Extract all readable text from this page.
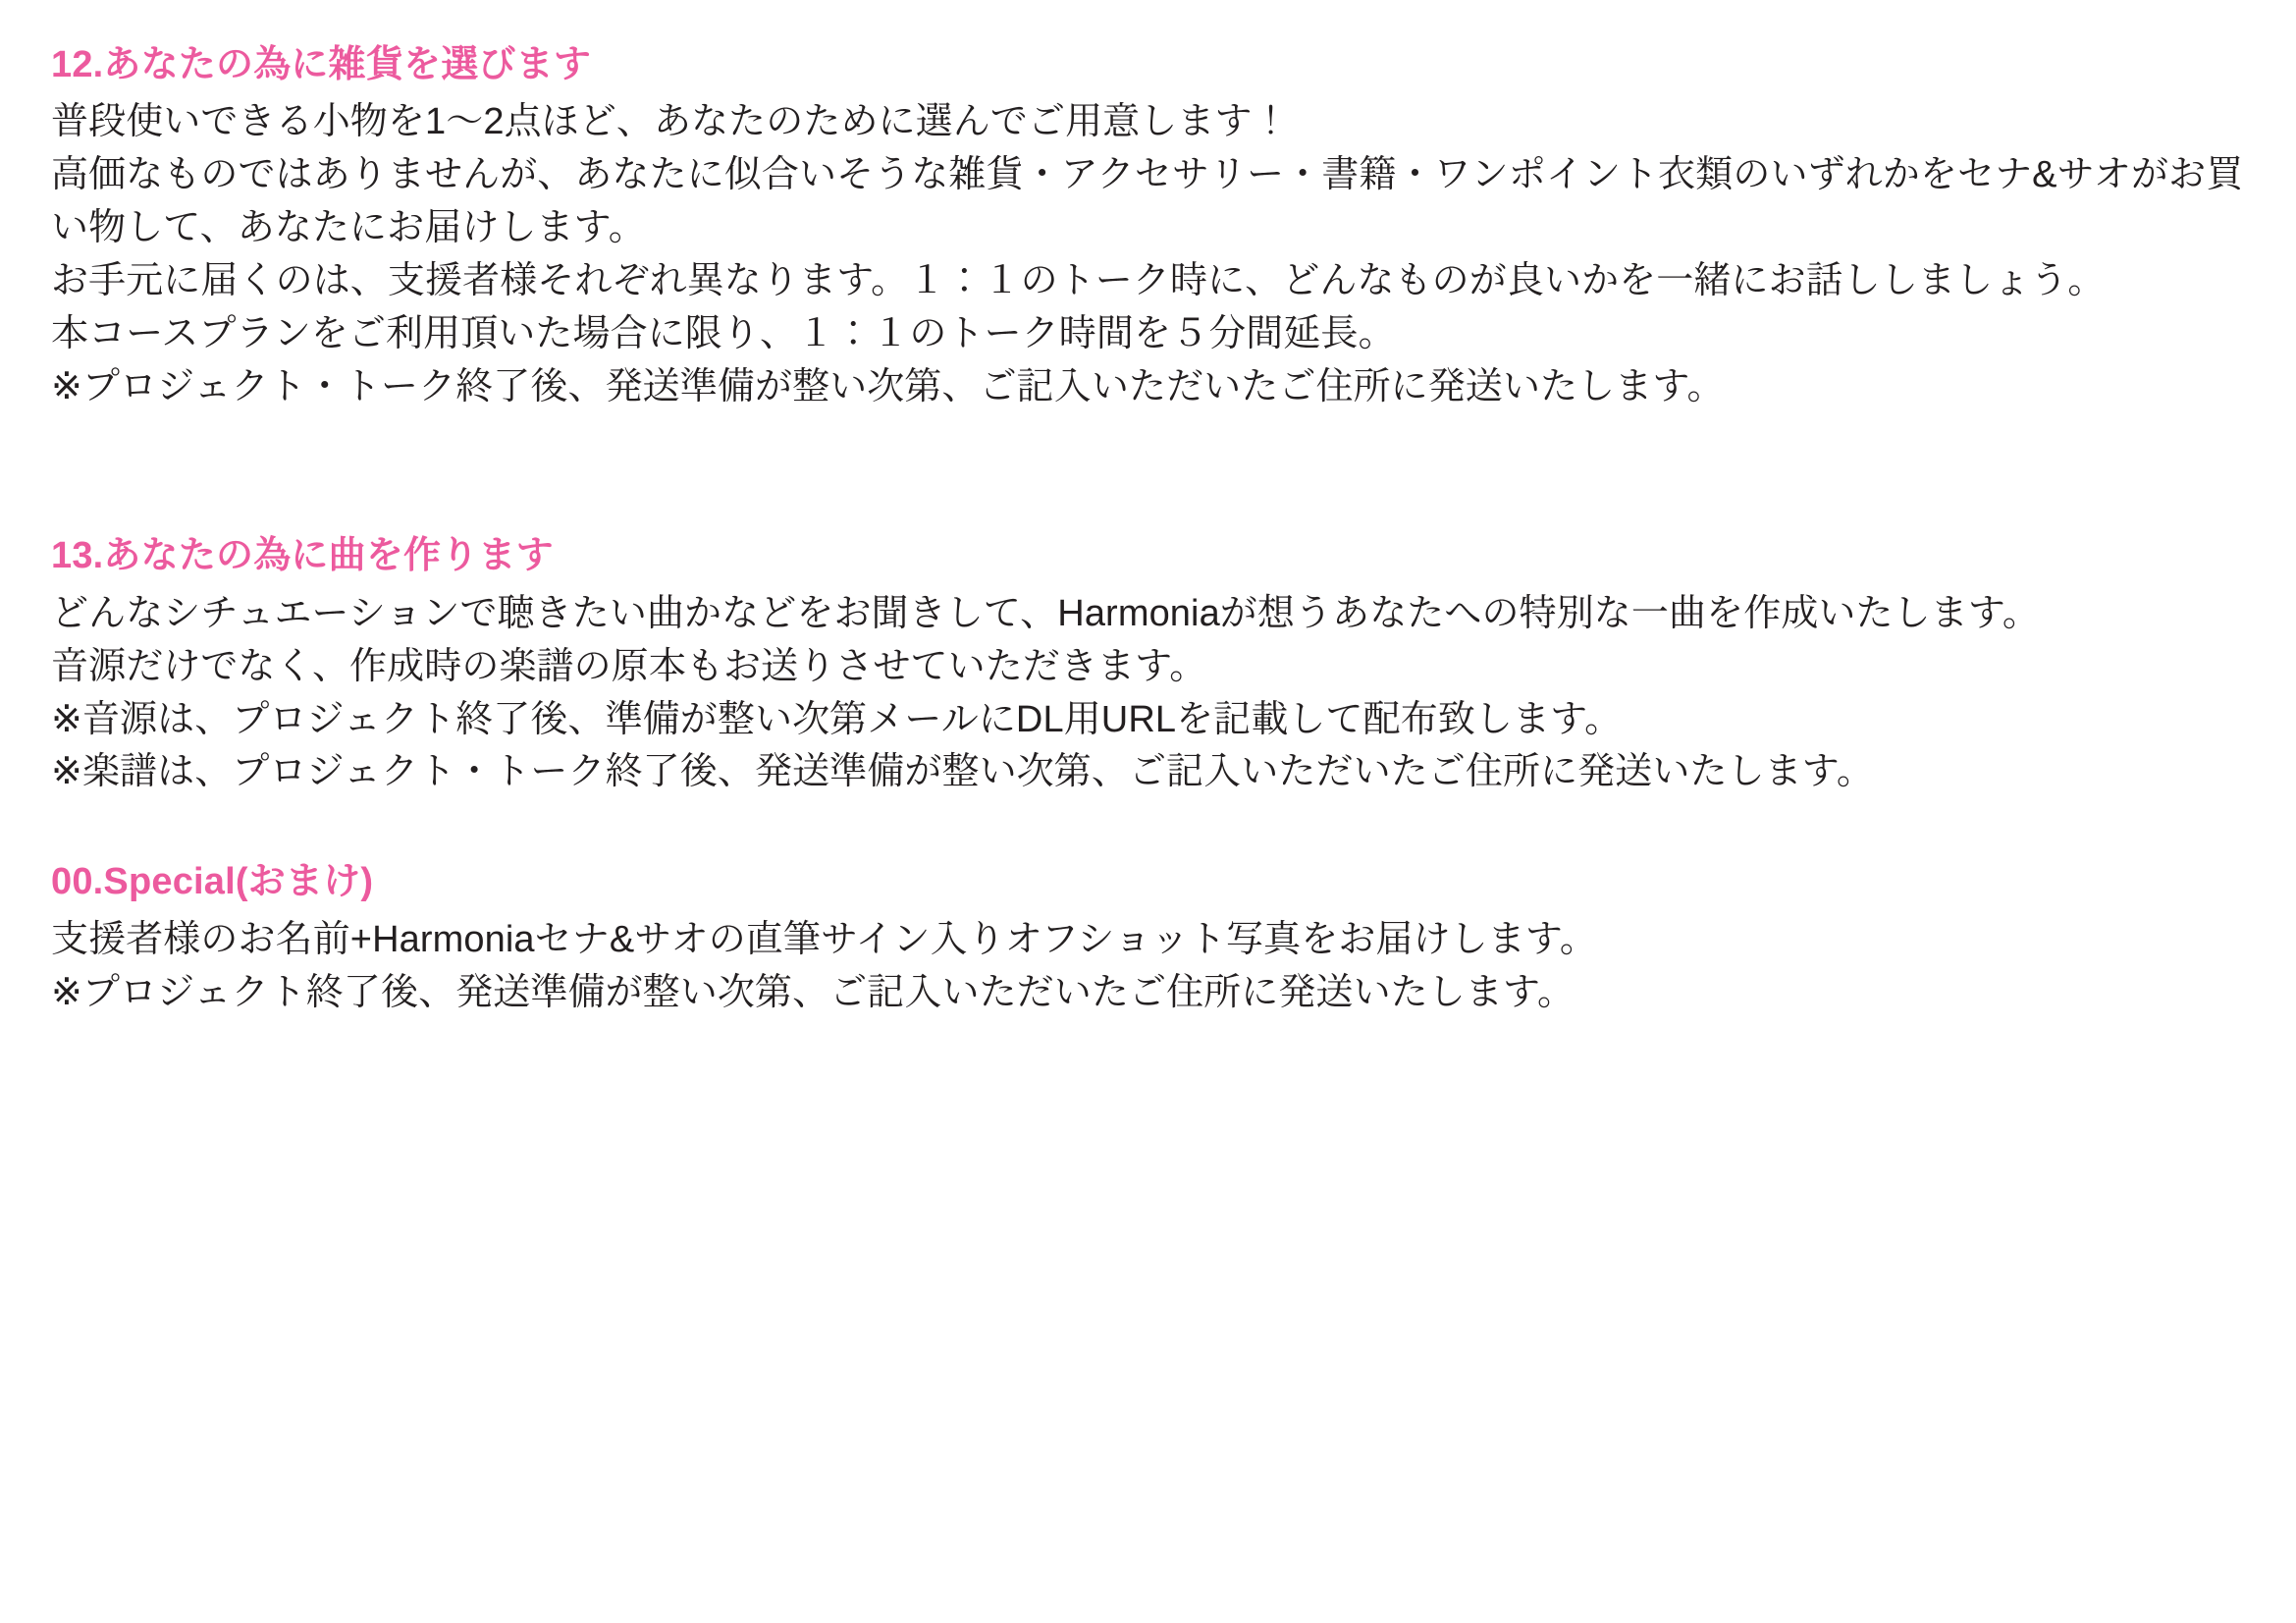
12.あなたの為に雑貨を選びます

普段使いできる小物を1〜2点ほど、あなたのために選んでご用意します！

高価なものではありませんが、あなたに似合いそうな雑貨・アクセサリー・書籍・ワンポイント衣類のいずれかをセナ&サオがお買い物して、あなたにお届けします。

お手元に届くのは、支援者様それぞれ異なります。１：１のトーク時に、どんなものが良いかを一緒にお話ししましょう。

本コースプランをご利用頂いた場合に限り、１：１のトーク時間を５分間延長。

※プロジェクト・トーク終了後、発送準備が整い次第、ご記入いただいたご住所に発送いたします。

13.あなたの為に曲を作ります

どんなシチュエーションで聴きたい曲かなどをお聞きして、Harmoniaが想うあなたへの特別な一曲を作成いたします。

音源だけでなく、作成時の楽譜の原本もお送りさせていただきます。

※音源は、プロジェクト終了後、準備が整い次第メールにDL用URLを記載して配布致します。

※楽譜は、プロジェクト・トーク終了後、発送準備が整い次第、ご記入いただいたご住所に発送いたします。

00.Special(おまけ)

支援者様のお名前+Harmoniaセナ&サオの直筆サイン入りオフショット写真をお届けします。

※プロジェクト終了後、発送準備が整い次第、ご記入いただいたご住所に発送いたします。
